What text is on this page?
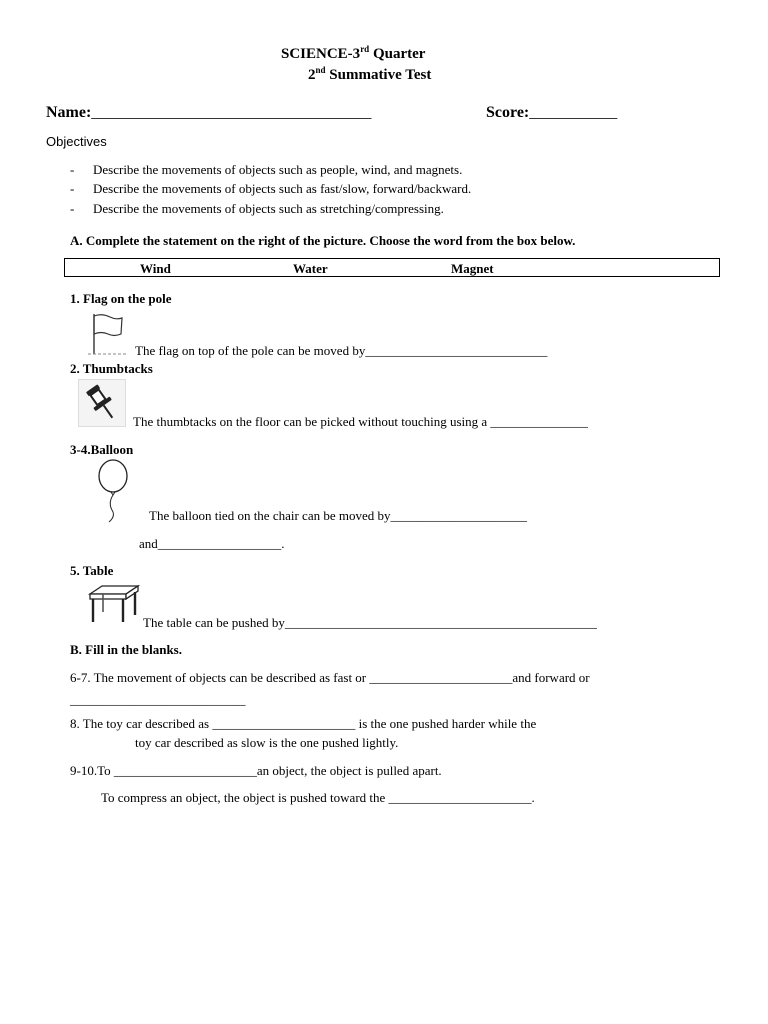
SCIENCE-3rd Quarter
2nd Summative Test
Name:___________________________________	Score:___________
Objectives
- Describe the movements of objects such as people, wind, and magnets.
- Describe the movements of objects such as fast/slow, forward/backward.
- Describe the movements of objects such as stretching/compressing.
A. Complete the statement on the right of the picture. Choose the word from the box below.
Wind	Water	Magnet
1. Flag on the pole
The flag on top of the pole can be moved by____________________________
2. Thumbtacks
The thumbtacks on the floor can be picked without touching using a _______________
3-4.Balloon
The balloon tied on the chair can be moved by_____________________
and___________________.
5. Table
The table can be pushed by________________________________________________
B. Fill in the blanks.
6-7. The movement of objects can be described as fast or ______________________and forward or
___________________________
8. The toy car described as ______________________ is the one pushed harder while the
toy car described as slow is the one pushed lightly.
9-10.To ______________________an object, the object is pulled apart.
To compress an object, the object is pushed toward the ______________________.
